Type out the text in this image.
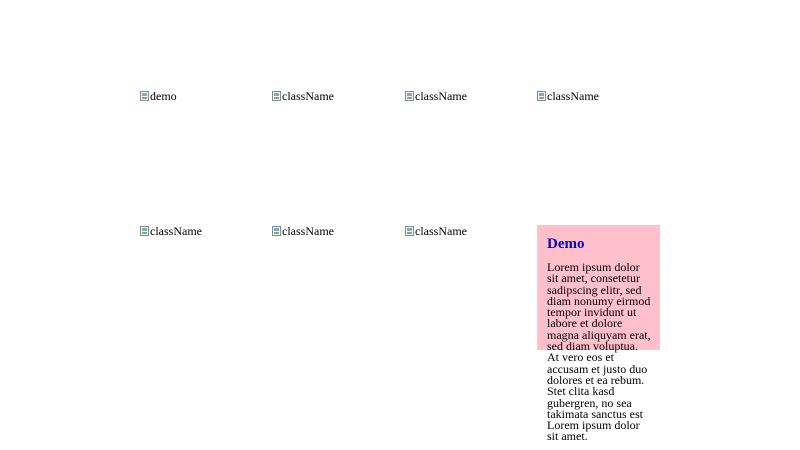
demo	className	className	className
className	className	className
Demo

Lorem ipsum dolor sit amet, consetetur sadipscing elitr, sed diam nonumy eirmod tempor invidunt ut labore et dolore magna aliquyam erat, sed diam voluptua. At vero eos et accusam et justo duo dolores et ea rebum. Stet clita kasd gubergren, no sea takimata sanctus est Lorem ipsum dolor sit amet.
